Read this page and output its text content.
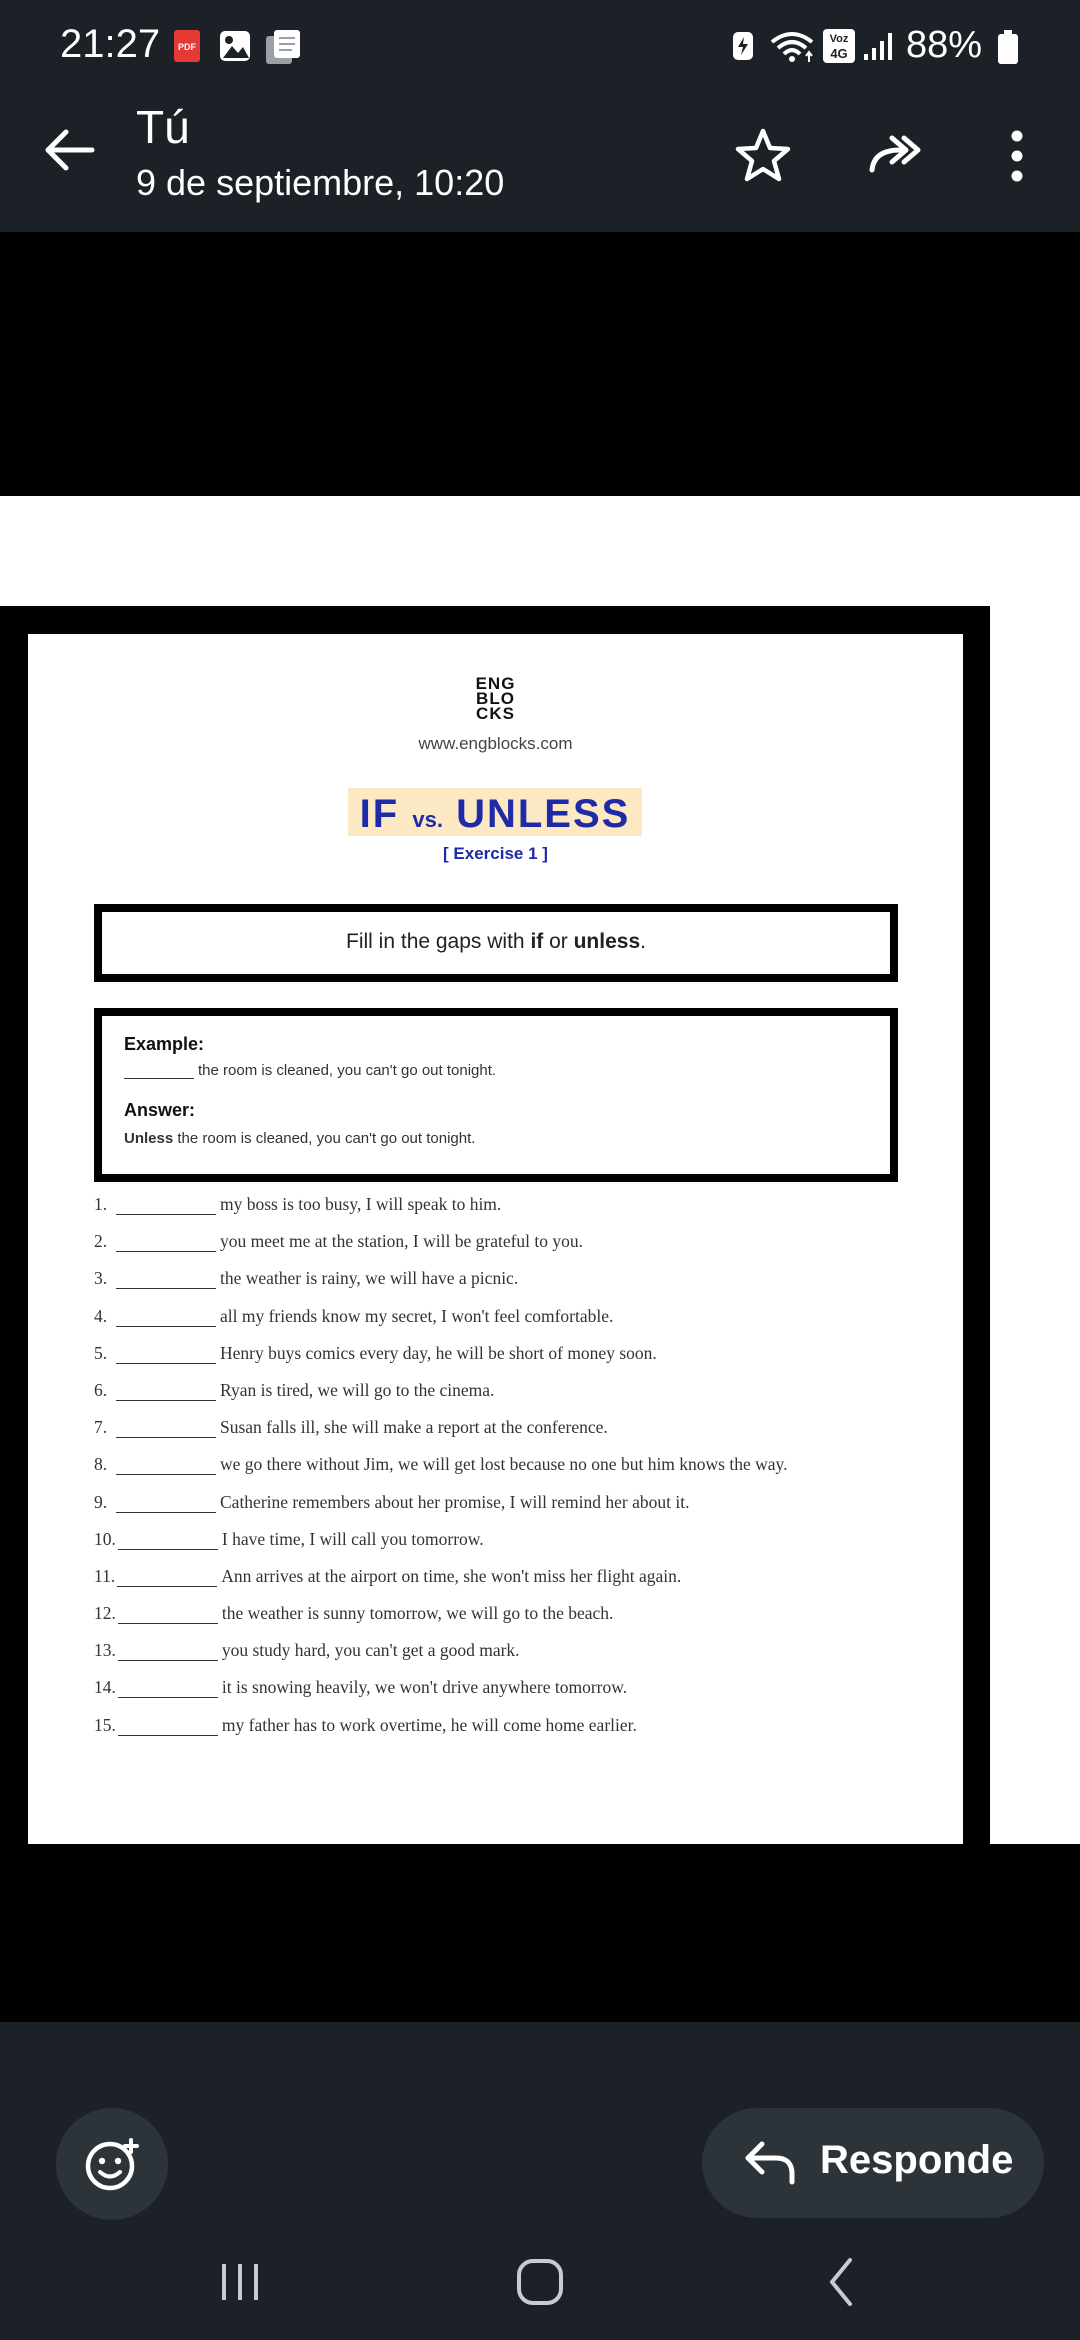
21:27 PDF
Voz
4G 88%
Tú
9 de septiembre, 10:20
ENG
BLO
CKS
www.engblocks.com
IF vs. UNLESS
[ Exercise 1 ]
Fill in the gaps with if or unless.
Example:
the room is cleaned, you can't go out tonight.
Answer:
Unless the room is cleaned, you can't go out tonight.
1.	my boss is too busy, I will speak to him.
2.	you meet me at the station, I will be grateful to you.
3.	the weather is rainy, we will have a picnic.
4.	all my friends know my secret, I won't feel comfortable.
5.	Henry buys comics every day, he will be short of money soon.
6.	Ryan is tired, we will go to the cinema.
7.	Susan falls ill, she will make a report at the conference.
8.	we go there without Jim, we will get lost because no one but him knows the way.
9.	Catherine remembers about her promise, I will remind her about it.
10.	I have time, I will call you tomorrow.
11.	Ann arrives at the airport on time, she won't miss her flight again.
12.	the weather is sunny tomorrow, we will go to the beach.
13.	you study hard, you can't get a good mark.
14.	it is snowing heavily, we won't drive anywhere tomorrow.
15.	my father has to work overtime, he will come home earlier.
Responde
